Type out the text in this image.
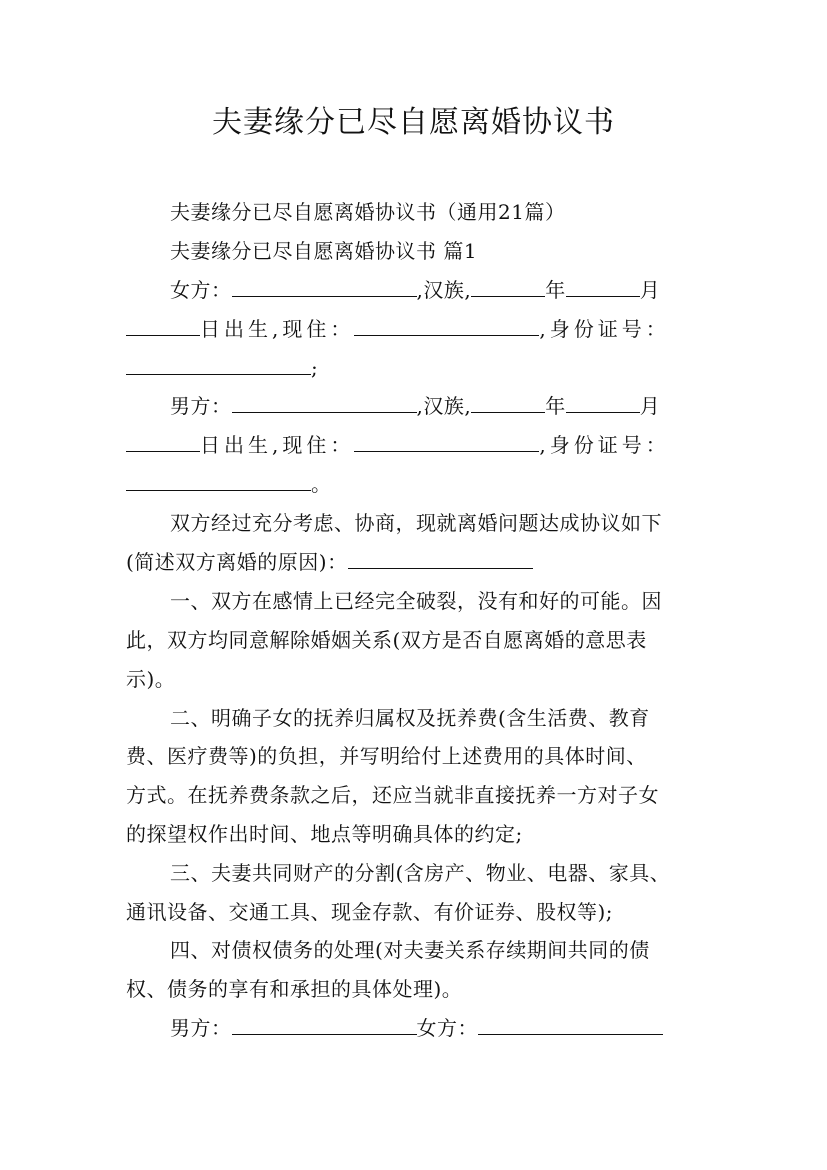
夫妻缘分已尽自愿离婚协议书
夫妻缘分已尽自愿离婚协议书（通用21篇）
夫妻缘分已尽自愿离婚协议书 篇1
女方：	,汉族,	年	月
日出生,现住：	,身份证号：
;
男方：	,汉族,	年	月
日出生,现住：	,身份证号：
。
双方经过充分考虑、协商，现就离婚问题达成协议如下
(简述双方离婚的原因)：
一、双方在感情上已经完全破裂，没有和好的可能。因
此，双方均同意解除婚姻关系(双方是否自愿离婚的意思表
示)。
二、明确子女的抚养归属权及抚养费(含生活费、教育
费、医疗费等)的负担，并写明给付上述费用的具体时间、
方式。在抚养费条款之后，还应当就非直接抚养一方对子女
的探望权作出时间、地点等明确具体的约定;
三、夫妻共同财产的分割(含房产、物业、电器、家具、
通讯设备、交通工具、现金存款、有价证券、股权等);
四、对债权债务的处理(对夫妻关系存续期间共同的债
权、债务的享有和承担的具体处理)。
男方：	女方：
